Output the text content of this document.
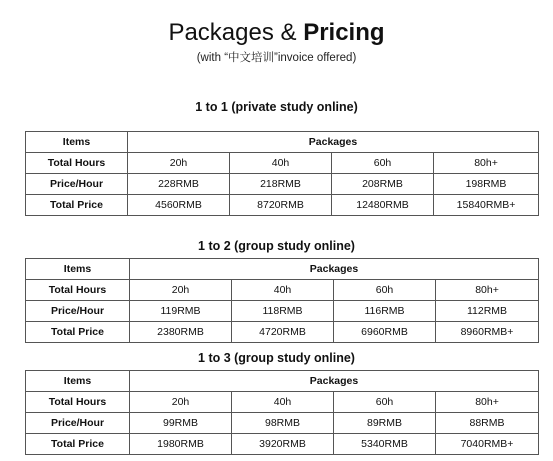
Packages & Pricing
(with “中文培训”invoice offered)
1 to 1 (private study online)
Items	Packages			
Total Hours	20h	40h	60h	80h+
Price/Hour	228RMB	218RMB	208RMB	198RMB
Total Price	4560RMB	8720RMB	12480RMB	15840RMB+
1 to 2 (group study online)
Items	Packages			
Total Hours	20h	40h	60h	80h+
Price/Hour	119RMB	118RMB	116RMB	112RMB
Total Price	2380RMB	4720RMB	6960RMB	8960RMB+
1 to 3 (group study online)
Items	Packages			
Total Hours	20h	40h	60h	80h+
Price/Hour	99RMB	98RMB	89RMB	88RMB
Total Price	1980RMB	3920RMB	5340RMB	7040RMB+
